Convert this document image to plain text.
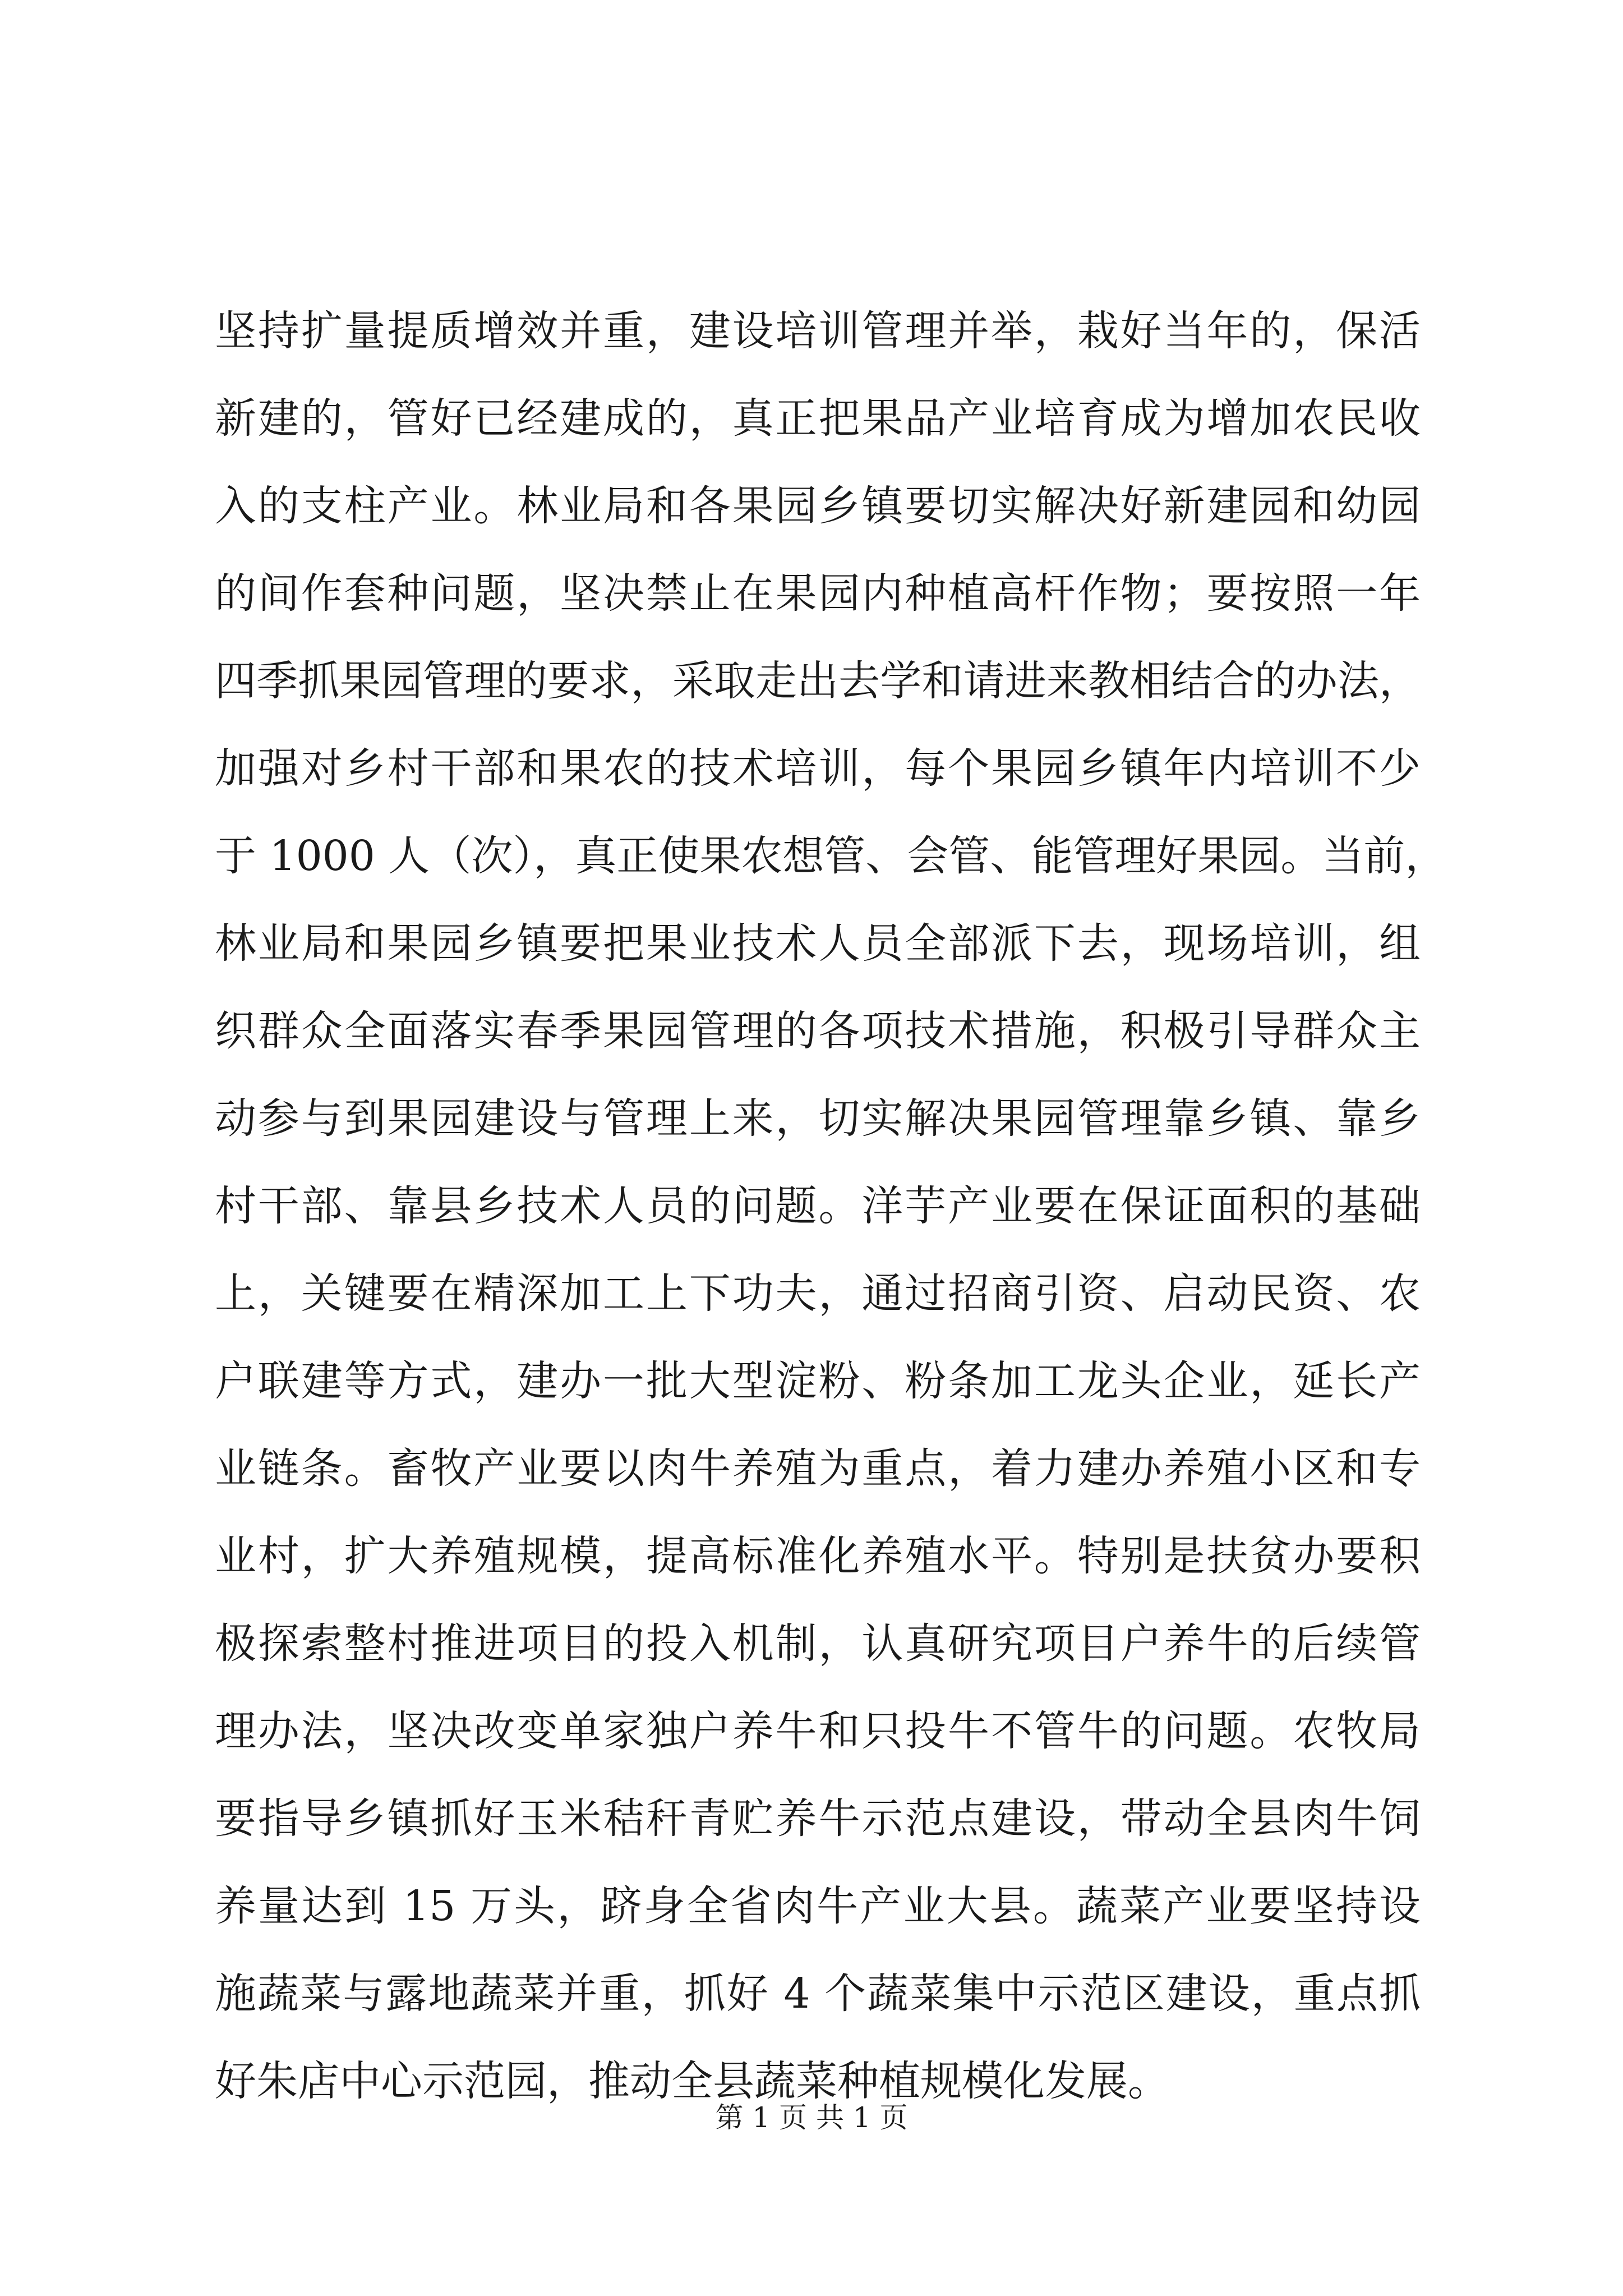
坚持扩量提质增效并重，建设培训管理并举，栽好当年的，保活
新建的，管好已经建成的，真正把果品产业培育成为增加农民收
入的支柱产业。林业局和各果园乡镇要切实解决好新建园和幼园
的间作套种问题，坚决禁止在果园内种植高杆作物；要按照一年
四季抓果园管理的要求，采取走出去学和请进来教相结合的办法，
加强对乡村干部和果农的技术培训，每个果园乡镇年内培训不少
于 1000 人（次），真正使果农想管、会管、能管理好果园。当前，
林业局和果园乡镇要把果业技术人员全部派下去，现场培训，组
织群众全面落实春季果园管理的各项技术措施，积极引导群众主
动参与到果园建设与管理上来，切实解决果园管理靠乡镇、靠乡
村干部、靠县乡技术人员的问题。洋芋产业要在保证面积的基础
上，关键要在精深加工上下功夫，通过招商引资、启动民资、农
户联建等方式，建办一批大型淀粉、粉条加工龙头企业，延长产
业链条。畜牧产业要以肉牛养殖为重点，着力建办养殖小区和专
业村，扩大养殖规模，提高标准化养殖水平。特别是扶贫办要积
极探索整村推进项目的投入机制，认真研究项目户养牛的后续管
理办法，坚决改变单家独户养牛和只投牛不管牛的问题。农牧局
要指导乡镇抓好玉米秸秆青贮养牛示范点建设，带动全县肉牛饲
养量达到 15 万头，跻身全省肉牛产业大县。蔬菜产业要坚持设
施蔬菜与露地蔬菜并重，抓好 4 个蔬菜集中示范区建设，重点抓
好朱店中心示范园，推动全县蔬菜种植规模化发展。
第 1 页 共 1 页
